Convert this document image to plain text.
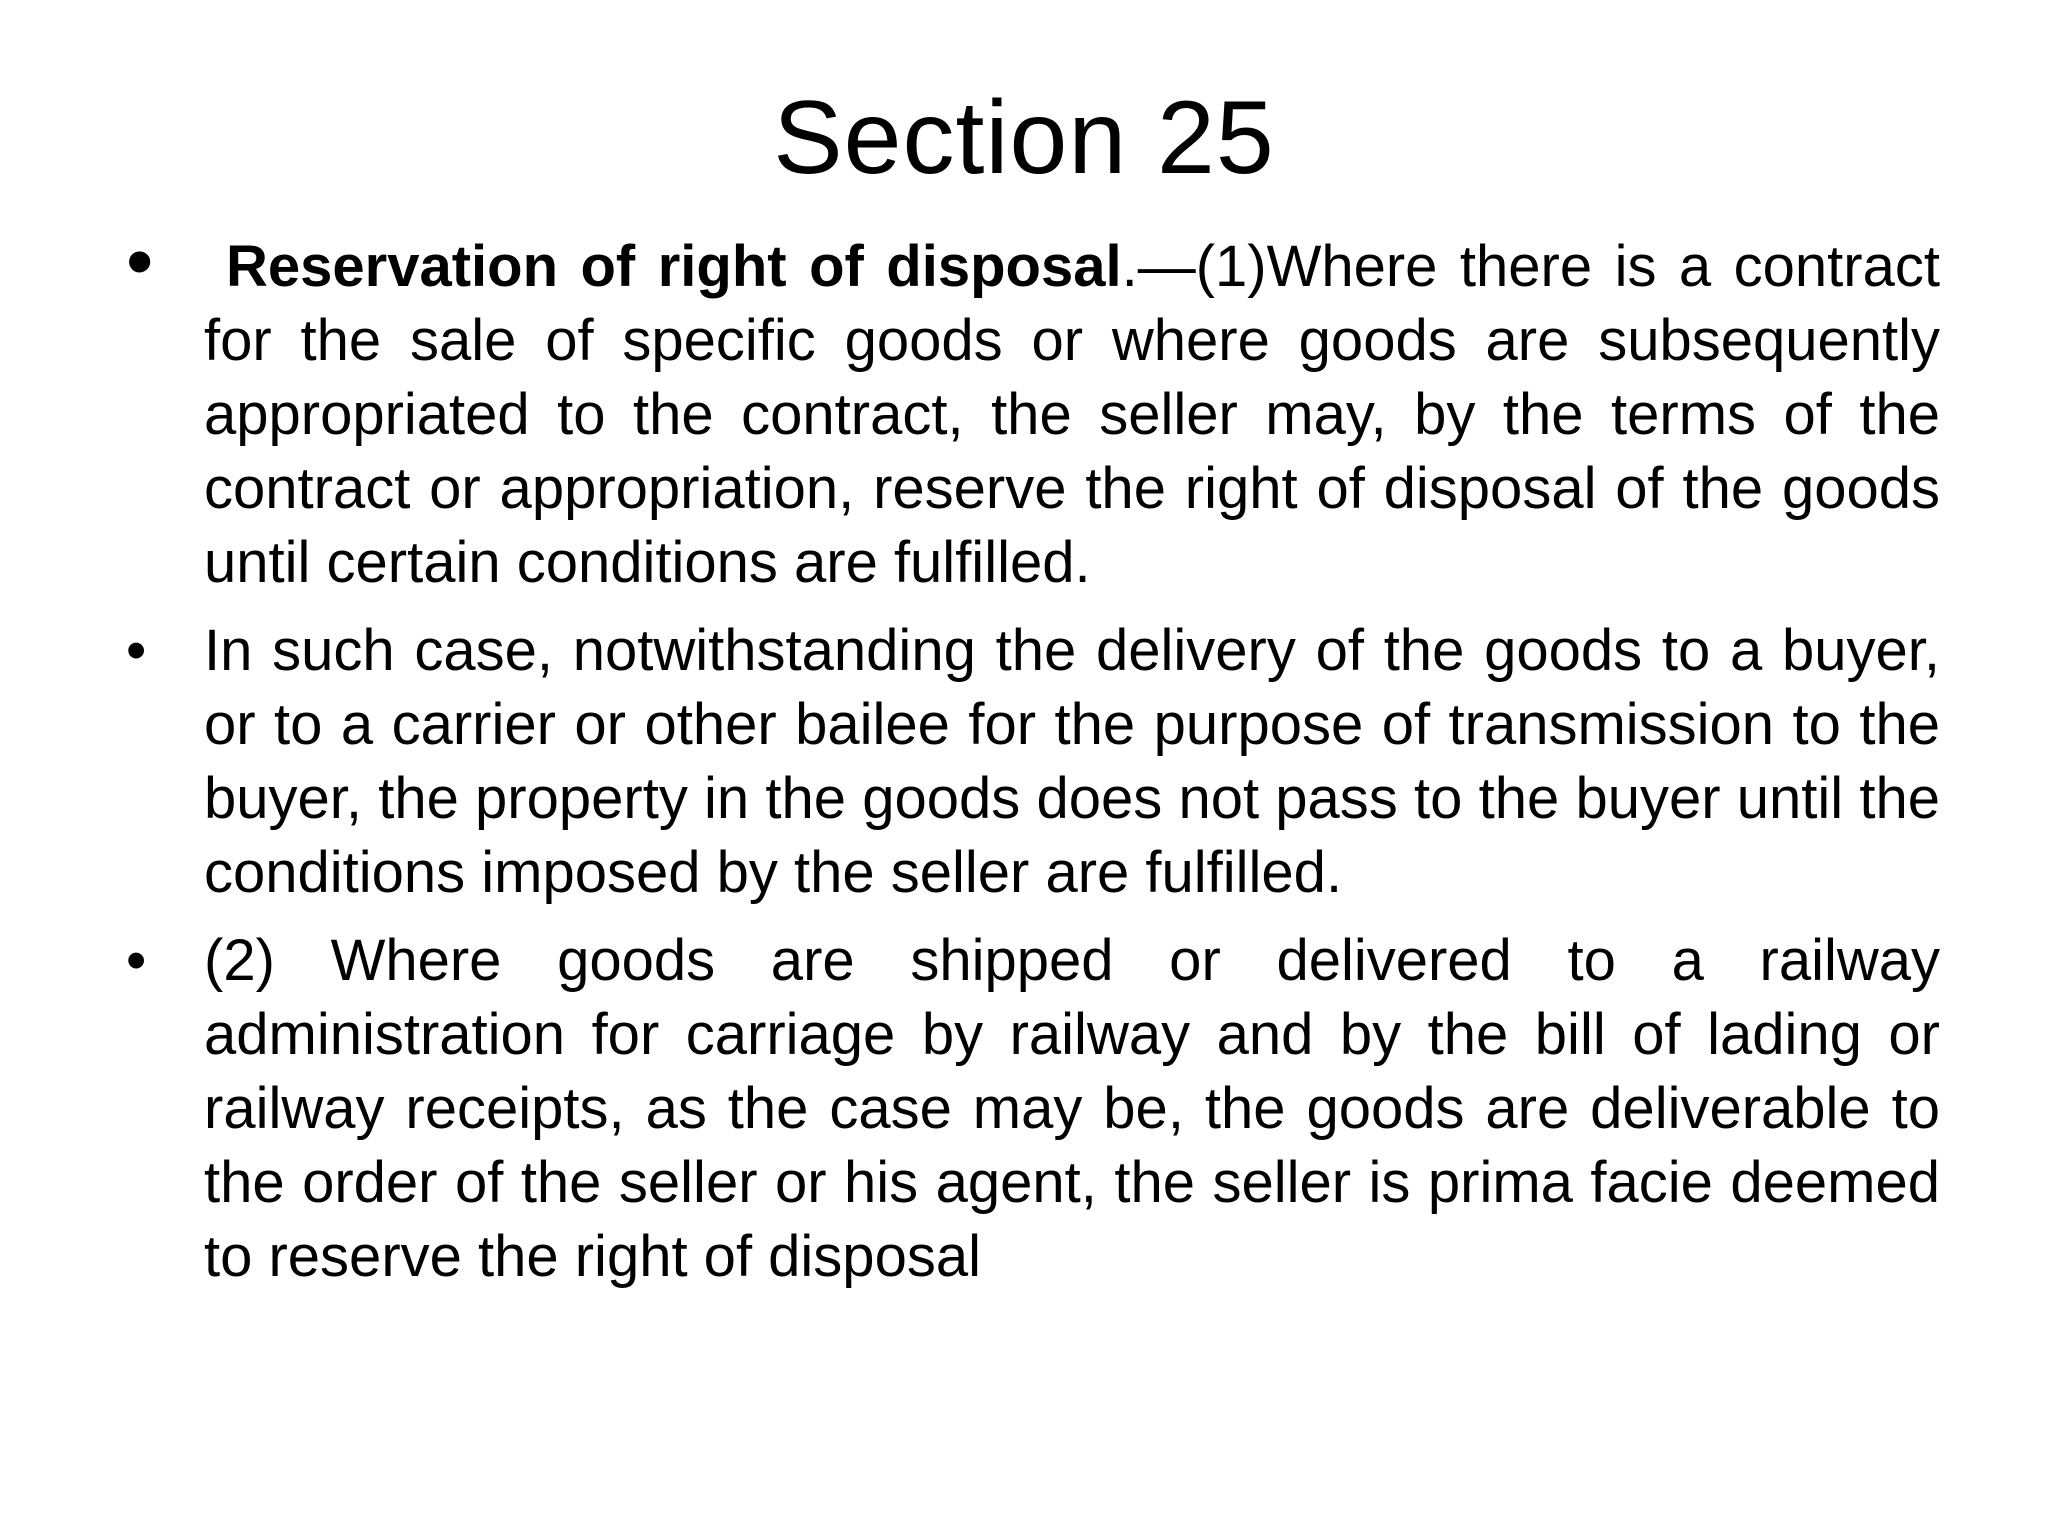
Section 25
• Reservation of right of disposal.—(1)Where there is a contract for the sale of specific goods or where goods are subsequently appropriated to the contract, the seller may, by the terms of the contract or appropriation, reserve the right of disposal of the goods until certain conditions are fulfilled.
• In such case, notwithstanding the delivery of the goods to a buyer, or to a carrier or other bailee for the purpose of transmission to the buyer, the property in the goods does not pass to the buyer until the conditions imposed by the seller are fulfilled.
• (2) Where goods are shipped or delivered to a railway administration for carriage by railway and by the bill of lading or railway receipts, as the case may be, the goods are deliverable to the order of the seller or his agent, the seller is prima facie deemed to reserve the right of disposal
